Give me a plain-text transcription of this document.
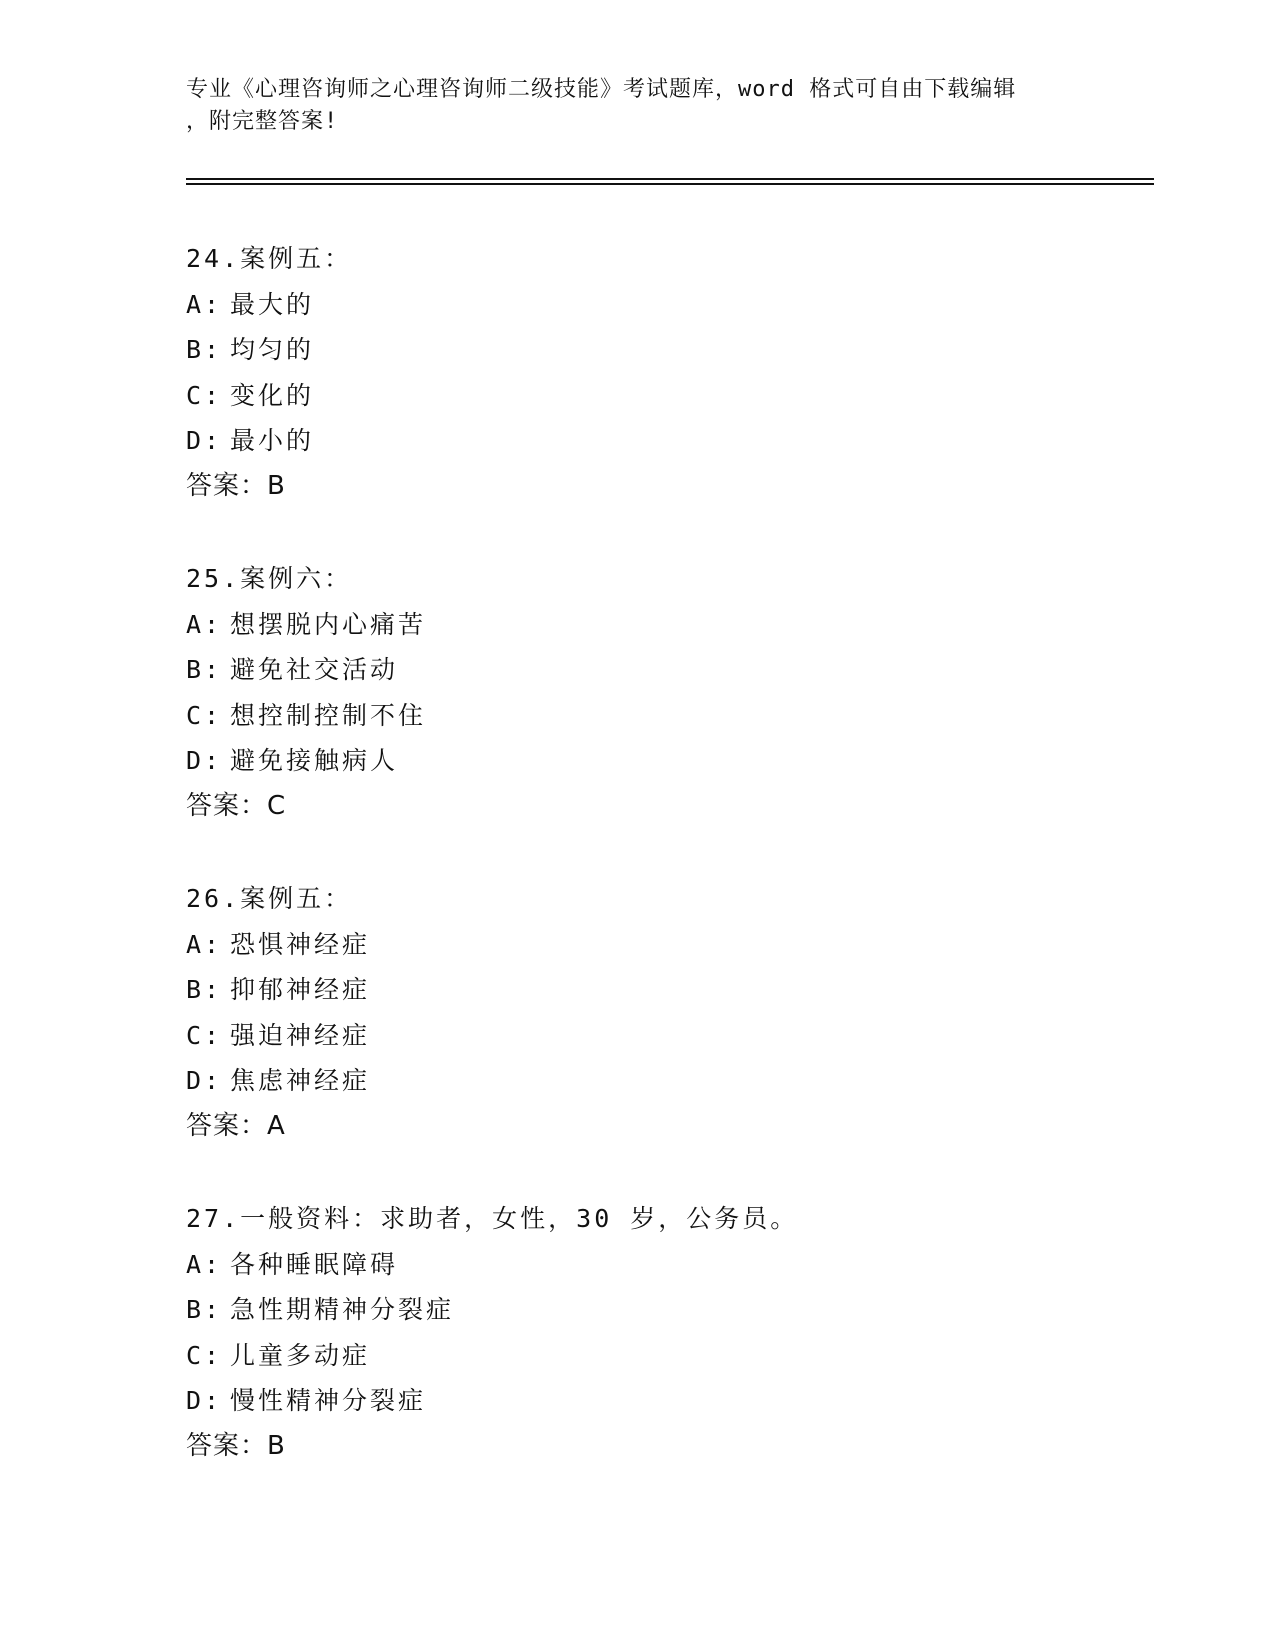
专业《心理咨询师之心理咨询师二级技能》考试题库，word 格式可自由下载编辑
，附完整答案!
24.案例五：
A: 最大的
B: 均匀的
C: 变化的
D: 最小的
答案：B
25.案例六：
A: 想摆脱内心痛苦
B: 避免社交活动
C: 想控制控制不住
D: 避免接触病人
答案：C
26.案例五：
A: 恐惧神经症
B: 抑郁神经症
C: 强迫神经症
D: 焦虑神经症
答案：A
27.一般资料：求助者，女性，30 岁，公务员。
A: 各种睡眠障碍
B: 急性期精神分裂症
C: 儿童多动症
D: 慢性精神分裂症
答案：B
